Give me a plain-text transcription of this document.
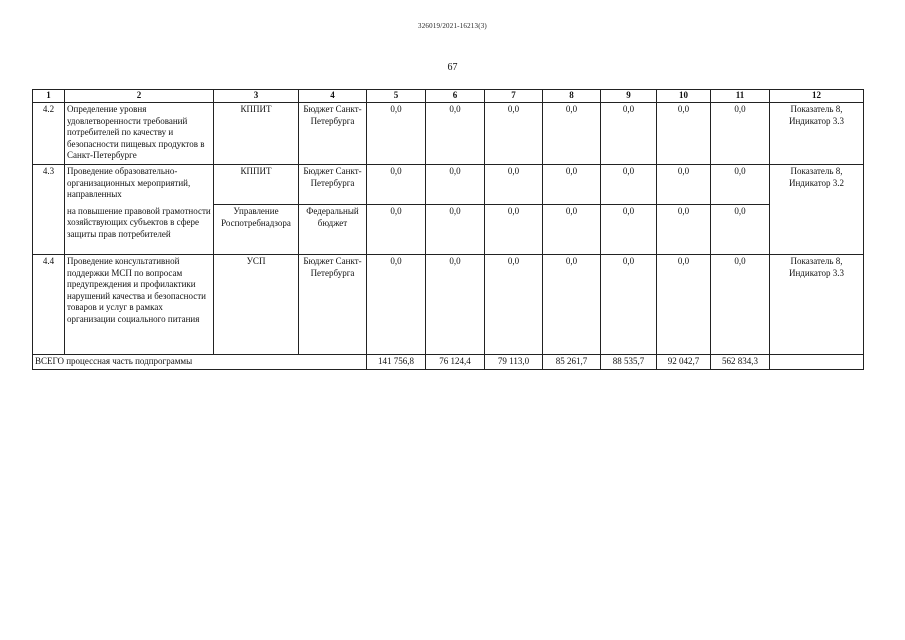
326019/2021-16213(3)
67
1	2	3	4	5	6	7	8	9	10	11	12
4.2	Определение уровня удовлетворенности требований потребителей по качеству и безопасности пищевых продуктов в Санкт-Петербурге	КППИТ	Бюджет Санкт-Петербурга	0,0	0,0	0,0	0,0	0,0	0,0	0,0	Показатель 8, Индикатор 3.3
4.3	Проведение образовательно-организационных мероприятий, направленных	КППИТ	Бюджет Санкт-Петербурга	0,0	0,0	0,0	0,0	0,0	0,0	0,0	Показатель 8, Индикатор 3.2
	на повышение правовой грамотности хозяйствующих субъектов в сфере защиты прав потребителей	Управление Роспотребнадзора	Федеральный бюджет	0,0	0,0	0,0	0,0	0,0	0,0	0,0	
4.4	Проведение консультативной поддержки МСП по вопросам предупреждения и профилактики нарушений качества и безопасности товаров и услуг в рамках организации социального питания	УСП	Бюджет Санкт-Петербурга	0,0	0,0	0,0	0,0	0,0	0,0	0,0	Показатель 8, Индикатор 3.3
ВСЕГО процессная часть подпрограммы				141 756,8	76 124,4	79 113,0	85 261,7	88 535,7	92 042,7	562 834,3	
